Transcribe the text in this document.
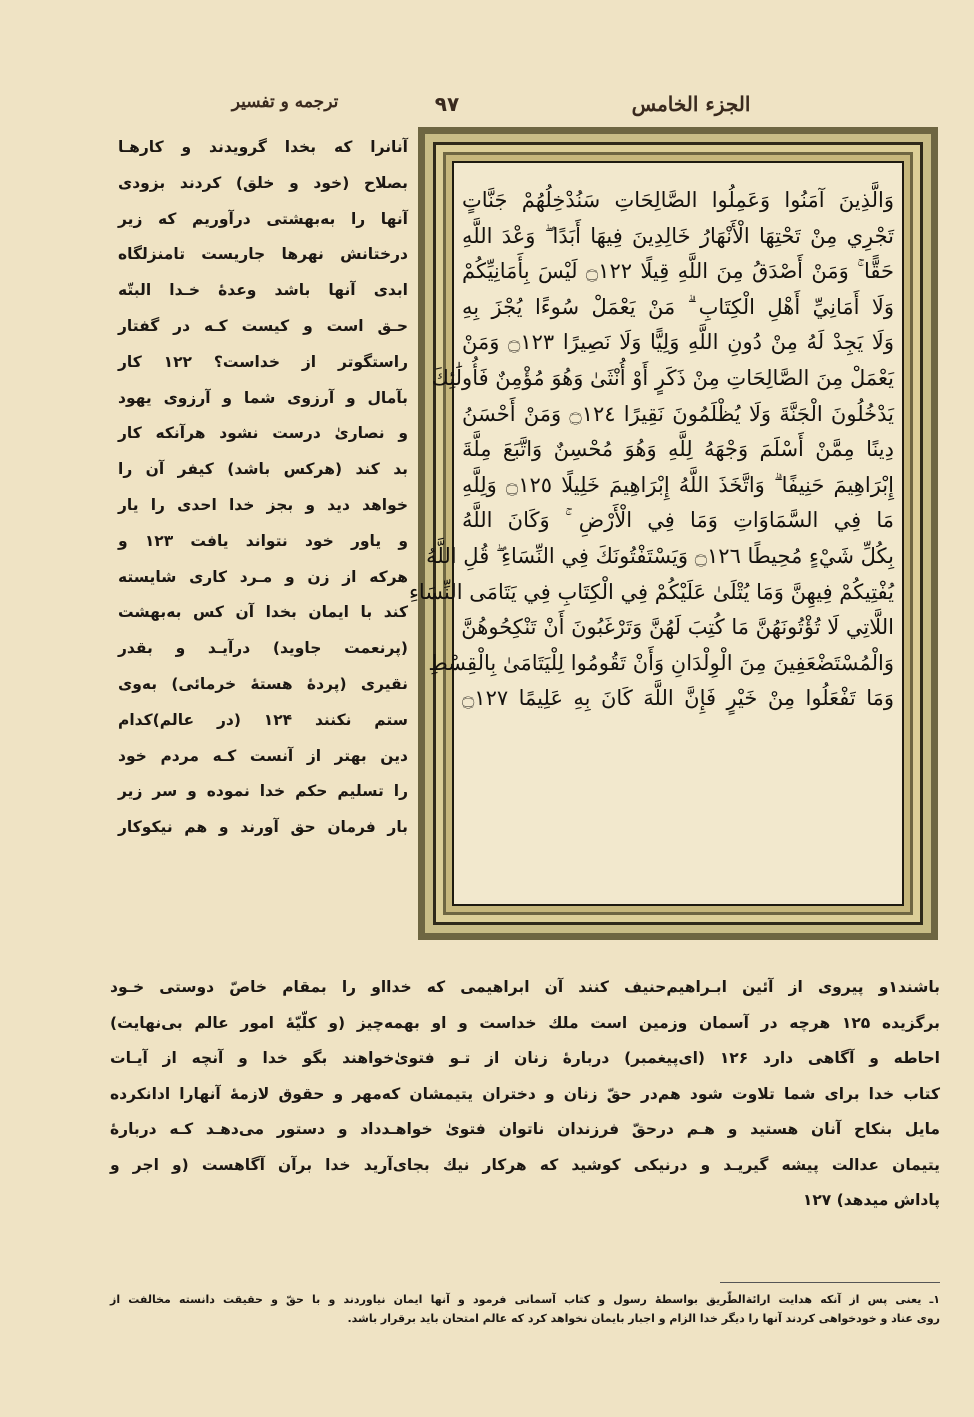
الجزء الخامس
۹۷
ترجمه و تفسیر
وَالَّذِينَ آمَنُوا وَعَمِلُوا الصَّالِحَاتِ سَنُدْخِلُهُمْ جَنَّاتٍ
تَجْرِي مِنْ تَحْتِهَا الْأَنْهَارُ خَالِدِينَ فِيهَا أَبَدًا ۖ وَعْدَ اللَّهِ
حَقًّا ۚ وَمَنْ أَصْدَقُ مِنَ اللَّهِ قِيلًا ۝١٢٢ لَيْسَ بِأَمَانِيِّكُمْ
وَلَا أَمَانِيِّ أَهْلِ الْكِتَابِ ۗ مَنْ يَعْمَلْ سُوءًا يُجْزَ بِهِ
وَلَا يَجِدْ لَهُ مِنْ دُونِ اللَّهِ وَلِيًّا وَلَا نَصِيرًا ۝١٢٣ وَمَنْ
يَعْمَلْ مِنَ الصَّالِحَاتِ مِنْ ذَكَرٍ أَوْ أُنْثَىٰ وَهُوَ مُؤْمِنٌ فَأُولَٰئِكَ
يَدْخُلُونَ الْجَنَّةَ وَلَا يُظْلَمُونَ نَقِيرًا ۝١٢٤ وَمَنْ أَحْسَنُ
دِينًا مِمَّنْ أَسْلَمَ وَجْهَهُ لِلَّهِ وَهُوَ مُحْسِنٌ وَاتَّبَعَ مِلَّةَ
إِبْرَاهِيمَ حَنِيفًا ۗ وَاتَّخَذَ اللَّهُ إِبْرَاهِيمَ خَلِيلًا ۝١٢٥ وَلِلَّهِ
مَا فِي السَّمَاوَاتِ وَمَا فِي الْأَرْضِ ۚ وَكَانَ اللَّهُ
بِكُلِّ شَيْءٍ مُحِيطًا ۝١٢٦ وَيَسْتَفْتُونَكَ فِي النِّسَاءِ ۖ قُلِ اللَّهُ
يُفْتِيكُمْ فِيهِنَّ وَمَا يُتْلَىٰ عَلَيْكُمْ فِي الْكِتَابِ فِي يَتَامَى النِّسَاءِ
اللَّاتِي لَا تُؤْتُونَهُنَّ مَا كُتِبَ لَهُنَّ وَتَرْغَبُونَ أَنْ تَنْكِحُوهُنَّ
وَالْمُسْتَضْعَفِينَ مِنَ الْوِلْدَانِ وَأَنْ تَقُومُوا لِلْيَتَامَىٰ بِالْقِسْطِ
وَمَا تَفْعَلُوا مِنْ خَيْرٍ فَإِنَّ اللَّهَ كَانَ بِهِ عَلِيمًا ۝١٢٧
آنانرا که بخدا گرویدند و کارهـا
بصلاح (خود و خلق) کردند بزودی
آنها را به‌بهشتی درآوریم که زیر
درختانش نهرها جاریست تامنزلگاه
ابدی آنها باشد وعدهٔ خـدا البتّه
حـق است و کیست کـه در گفتار
راستگوتر از خداست؟ ۱۲۲ کار
بآمال و آرزوی شما و آرزوی یهود
و نصاریٰ درست نشود هرآنکه کار
بد کند (هرکس باشد) کیفر آن را
خواهد دید و بجز خدا احدی را یار
و یاور خود نتواند یافت ۱۲۳ و
هرکه از زن و مـرد کاری شایسته
کند با ایمان بخدا آن کس به‌بهشت
(پرنعمت جاوید) درآیـد و بقدر
نقیری (پردهٔ هستهٔ خرمائی) به‌وی
ستم نکنند ۱۲۴ (در عالم)کدام
دین بهتر از آنست کـه مردم خود
را تسلیم حکم خدا نموده و سر زیر
بار فرمان حق آورند و هم نیکوکار
باشند۱و پیروی از آئین ابـراهیم‌حنیف کنند آن ابراهیمی که خدااو را بمقام خاصّ دوستی خـود
برگزیده ۱۲۵ هرچه در آسمان وزمین است ملك خداست و او بهمه‌چیز (و کلّیّهٔ امور عالم بی‌نهایت)
احاطه و آگاهی دارد ۱۲۶ (ای‌پیغمبر) دربارهٔ زنان از تـو فتویٰ‌خواهند بگو خدا و آنچه از آیـات
کتاب خدا برای شما تلاوت شود هم‌در حقّ زنان و دختران یتیمشان که‌مهر و حقوق لازمهٔ آنهارا ادانکرده
مایل بنکاح آنان هستید و هـم درحقّ فرزندان ناتوان فتویٰ خواهـدداد و دستور می‌دهـد کـه دربارهٔ
یتیمان عدالت پیشه گیریـد و درنیکی کوشید که هرکار نیك بجای‌آرید خدا برآن آگاهست (و اجر و
پاداش میدهد) ۱۲۷
۱ـ یعنی پس از آنکه هدایت ارائةالطّریق بواسطهٔ رسول و کتاب آسمانی فرمود و آنها ایمان نیاوردند و با حقّ و حقیقت دانسته مخالفت از
روی عناد و خودخواهی کردند آنها را دیگر خدا الزام و اجبار بایمان نخواهد کرد که عالم امتحان باید برقرار باشد.
